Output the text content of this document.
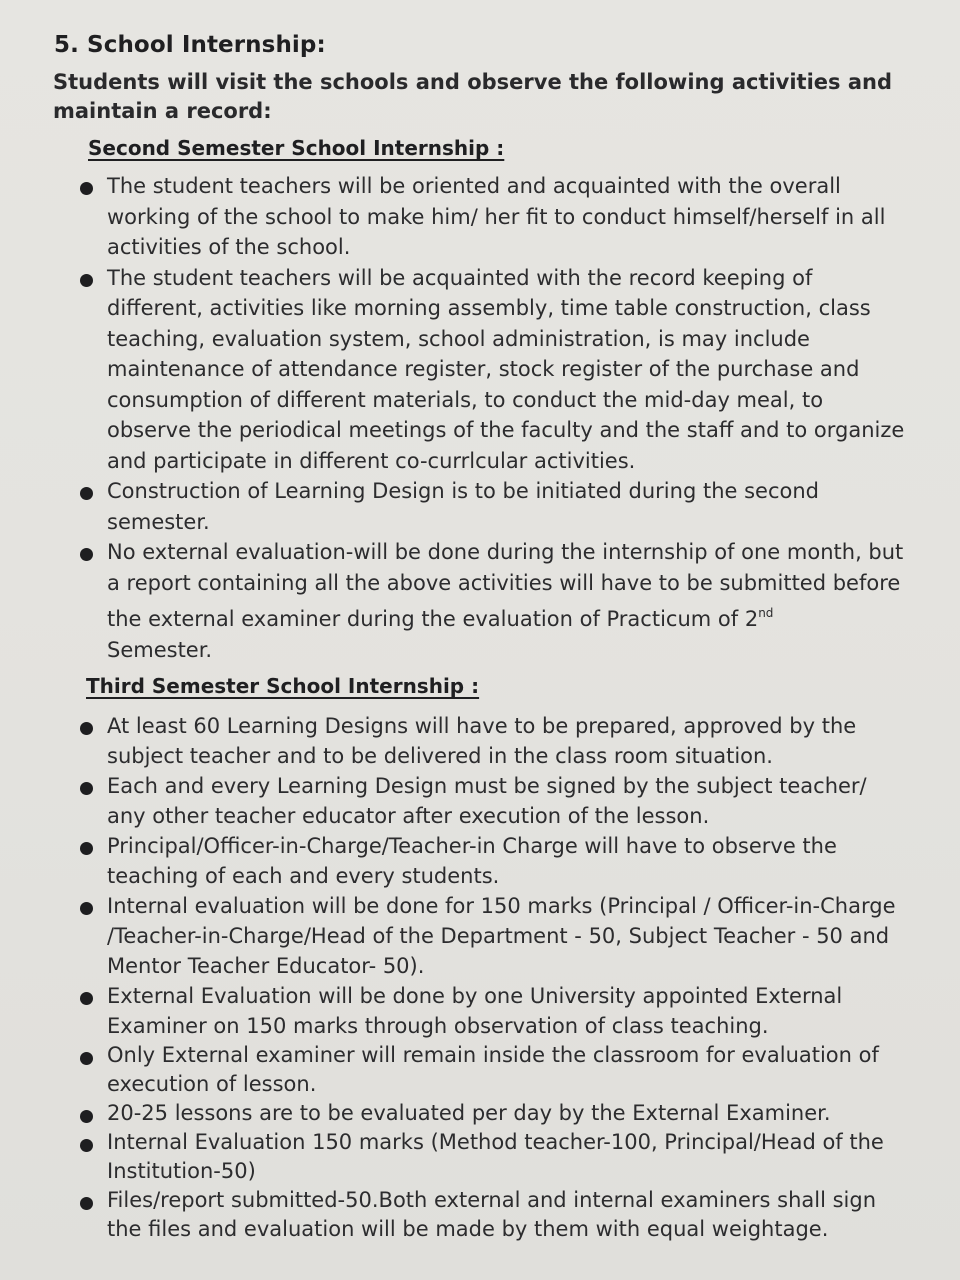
5. School Internship:

Students will visit the schools and observe the following activities and maintain a record:

Second Semester School Internship :
The student teachers will be oriented and acquainted with the overall working of the school to make him/ her fit to conduct himself/herself in all activities of the school.
The student teachers will be acquainted with the record keeping of different, activities like morning assembly, time table construction, class teaching, evaluation system, school administration, is may include maintenance of attendance register, stock register of the purchase and consumption of different materials, to conduct the mid-day meal, to observe the periodical meetings of the faculty and the staff and to organize and participate in different co-currlcular activities.
Construction of Learning Design is to be initiated during the second semester.
No external evaluation-will be done during the internship of one month, but a report containing all the above activities will have to be submitted before the external examiner during the evaluation of Practicum of 2nd
Semester.
Third Semester School Internship :
At least 60 Learning Designs will have to be prepared, approved by the subject teacher and to be delivered in the class room situation.
Each and every Learning Design must be signed by the subject teacher/ any other teacher educator after execution of the lesson.
Principal/Officer-in-Charge/Teacher-in Charge will have to observe the teaching of each and every students.
Internal evaluation will be done for 150 marks (Principal / Officer-in-Charge /Teacher-in-Charge/Head of the Department - 50, Subject Teacher - 50 and Mentor Teacher Educator- 50).
External Evaluation will be done by one University appointed External Examiner on 150 marks through observation of class teaching.
Only External examiner will remain inside the classroom for evaluation of execution of lesson.
20-25 lessons are to be evaluated per day by the External Examiner.
Internal Evaluation 150 marks (Method teacher-100, Principal/Head of the Institution-50)
Files/report submitted-50.Both external and internal examiners shall sign the files and evaluation will be made by them with equal weightage.
